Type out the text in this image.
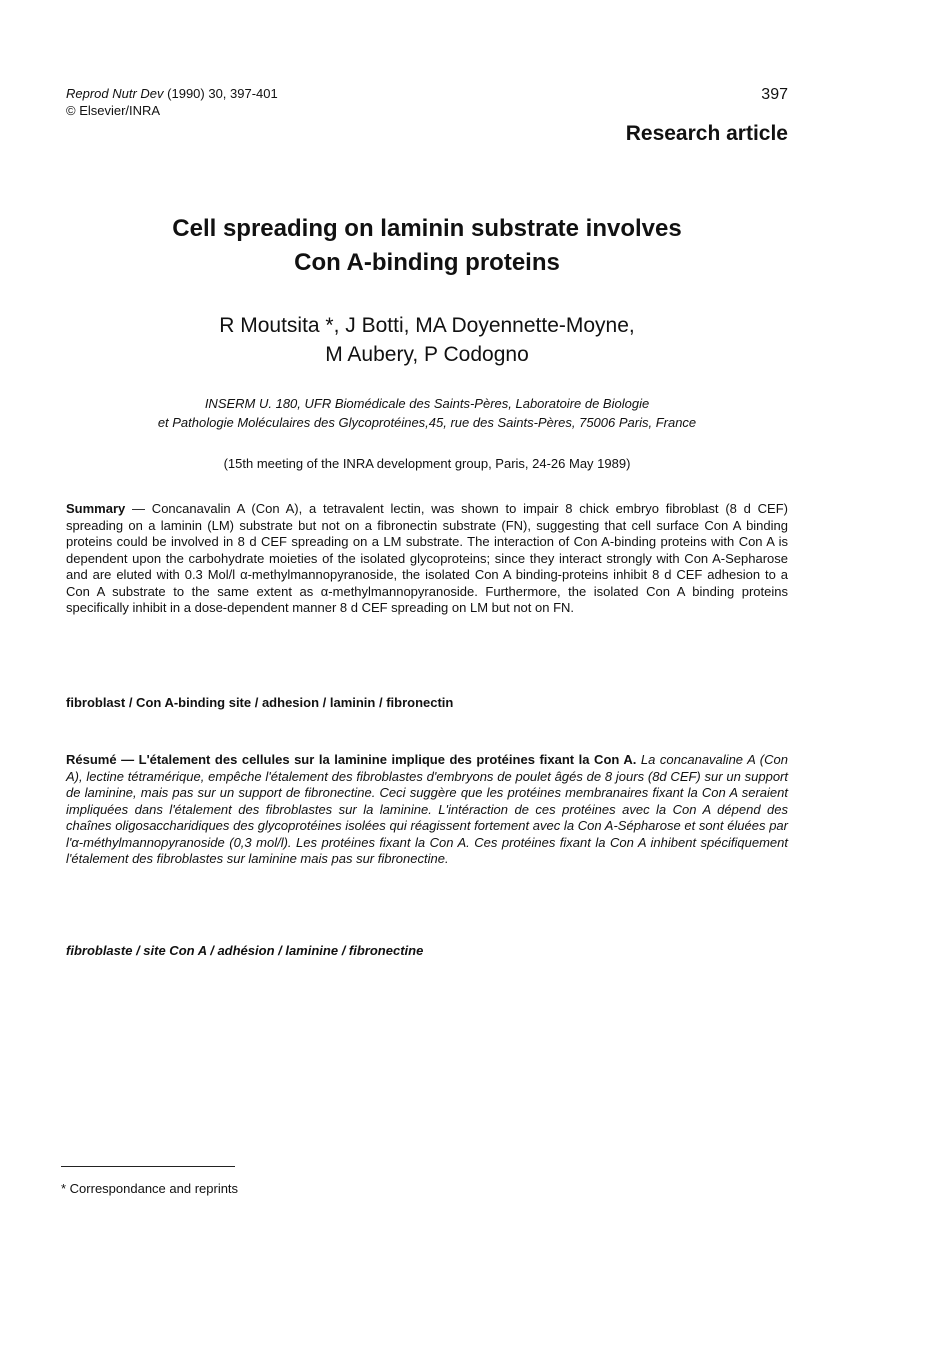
Reprod Nutr Dev (1990) 30, 397-401
© Elsevier/INRA
397
Research article
Cell spreading on laminin substrate involves
Con A-binding proteins
R Moutsita *, J Botti, MA Doyennette-Moyne,
M Aubery, P Codogno
INSERM U. 180, UFR Biomédicale des Saints-Pères, Laboratoire de Biologie
et Pathologie Moléculaires des Glycoprotéines,45, rue des Saints-Pères, 75006 Paris, France
(15th meeting of the INRA development group, Paris, 24-26 May 1989)
Summary — Concanavalin A (Con A), a tetravalent lectin, was shown to impair 8 chick embryo fibroblast (8 d CEF) spreading on a laminin (LM) substrate but not on a fibronectin substrate (FN), suggesting that cell surface Con A binding proteins could be involved in 8 d CEF spreading on a LM substrate. The interaction of Con A-binding proteins with Con A is dependent upon the carbohydrate moieties of the isolated glycoproteins; since they interact strongly with Con A-Sepharose and are eluted with 0.3 Mol/l α-methylmannopyranoside, the isolated Con A binding-proteins inhibit 8 d CEF adhesion to a Con A substrate to the same extent as α-methylmannopyranoside. Furthermore, the isolated Con A binding proteins specifically inhibit in a dose-dependent manner 8 d CEF spreading on LM but not on FN.
fibroblast / Con A-binding site / adhesion / laminin / fibronectin
Résumé — L'étalement des cellules sur la laminine implique des protéines fixant la Con A. La concanavaline A (Con A), lectine tétramérique, empêche l'étalement des fibroblastes d'embryons de poulet âgés de 8 jours (8d CEF) sur un support de laminine, mais pas sur un support de fibronectine. Ceci suggère que les protéines membranaires fixant la Con A seraient impliquées dans l'étalement des fibroblastes sur la laminine. L'intéraction de ces protéines avec la Con A dépend des chaînes oligosaccharidiques des glycoprotéines isolées qui réagissent fortement avec la Con A-Sépharose et sont éluées par l'α-méthylmannopyranoside (0,3 mol/l). Les protéines fixant la Con A. Ces protéines fixant la Con A inhibent spécifiquement l'étalement des fibroblastes sur laminine mais pas sur fibronectine.
fibroblaste / site Con A / adhésion / laminine / fibronectine
* Correspondance and reprints
